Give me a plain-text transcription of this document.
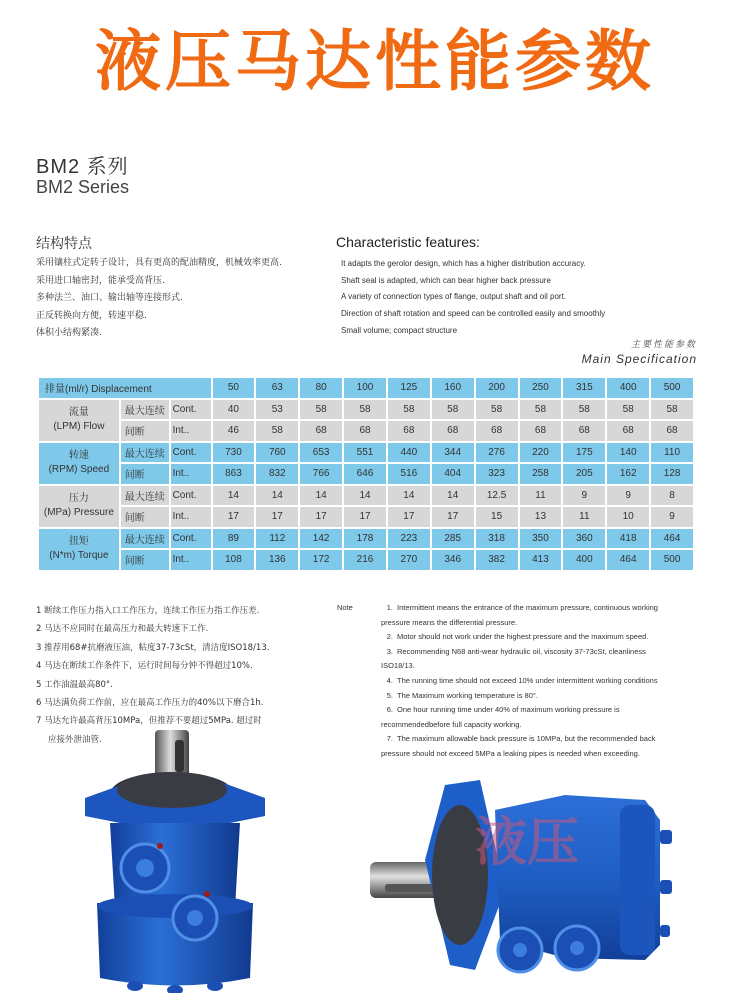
液压马达性能参数
BM2 系列
BM2 Series
结构特点
采用镶柱式定转子设计，具有更高的配油精度，机械效率更高.
采用进口轴密封，能承受高背压.
多种法兰、油口、输出轴等连接形式.
正反转换向方便，转速平稳.
体积小结构紧凑.
Characteristic features:
It adapts the gerolor design, which has a higher distribution accuracy.
Shaft seal is adapted, which can bear higher back pressure
A variety of connection types of flange, output shaft and oil port.
Direction of shaft rotation and speed can be controlled easily and smoothly
Small volume; compact structure
主要性能参数
Main Specification
排量(ml/r) Displacement			50	63	80	100	125	160	200	250	315	400	500

流量
(LPM) Flow	最大连续	Cont.	40	53	58	58	58	58	58	58	58	58	58
	间断	Int..	46	58	68	68	68	68	68	68	68	68	68

转速
(RPM) Speed	最大连续	Cont.	730	760	653	551	440	344	276	220	175	140	110
	间断	Int..	863	832	766	646	516	404	323	258	205	162	128

压力
(MPa) Pressure	最大连续	Cont.	14	14	14	14	14	14	12.5	11	9	9	8
	间断	Int..	17	17	17	17	17	17	15	13	11	10	9

扭矩
(N*m) Torque	最大连续	Cont.	89	112	142	178	223	285	318	350	360	418	464
	间断	Int..	108	136	172	216	270	346	382	413	400	464	500
1 断续工作压力指入口工作压力，连续工作压力指工作压差.
2 马达不应同时在最高压力和最大转速下工作.
3 推荐用68#抗磨液压油，粘度37-73cSt，清洁度ISO18/13.
4 马达在断续工作条件下，运行时间每分钟不得超过10%.
5 工作油温最高80°.
6 马达满负荷工作前，应在最高工作压力的40%以下磨合1h.
7 马达允许最高背压10MPa，但推荐不要超过5MPa. 超过时
应接外泄油管.
Note	1. Intermittent means the entrance of the maximum pressure, continuous working
pressure means the differential pressure.
2. Motor should not work under the highest pressure and the maximum speed.
3. Recommending N68 anti-wear hydraulic oil, viscosity 37-73cSt, cleanliness
ISO18/13.
4. The running time should not exceed 10% under intermittent working conditions
5. The Maximum working temperature is 80°.
6. One hour running time under 40% of maximum working pressure is
recommendedbefore full capacity working.
7. The maximum allowable back pressure is 10MPa, but the recommended back
pressure should not exceed 5MPa a leaking pipes is needed when exceeding.
液压
